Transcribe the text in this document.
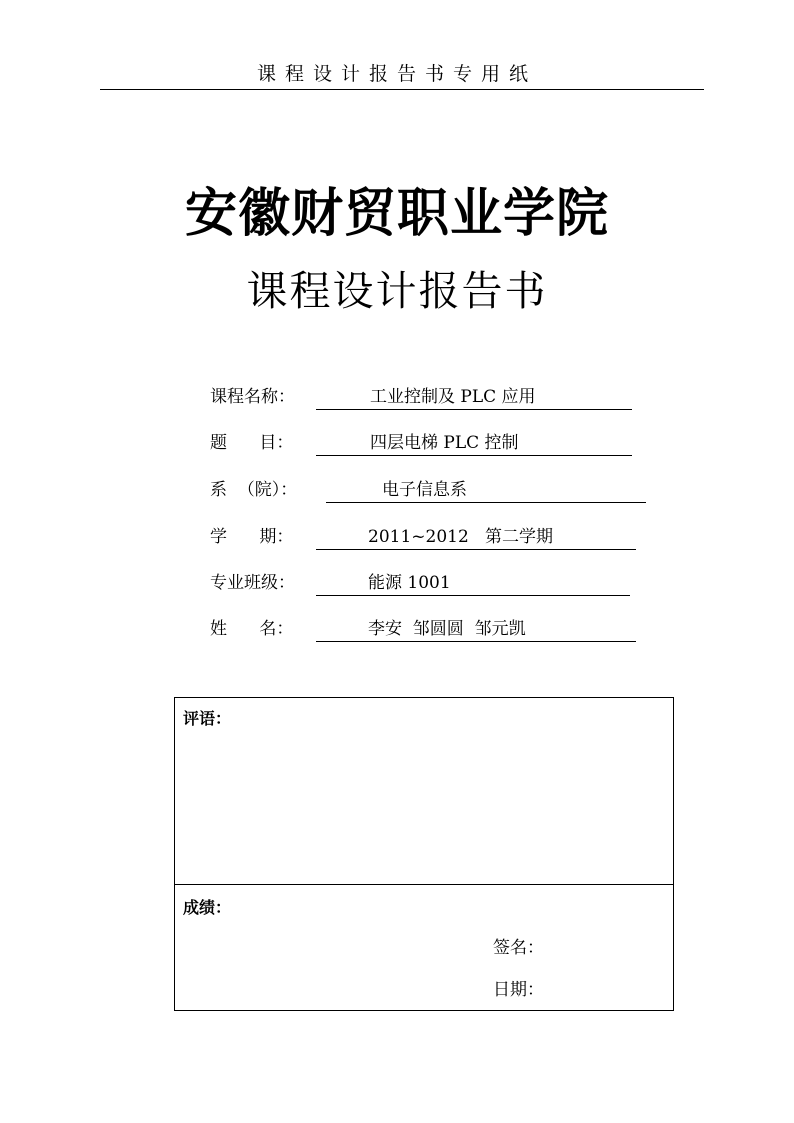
课程设计报告书专用纸
安徽财贸职业学院
课程设计报告书
课程名称：	工业控制及 PLC 应用
题      目：	四层电梯 PLC 控制
系  （院）：	电子信息系
学      期：	2011~2012   第二学期
专业班级：	能源 1001
姓      名：	李安  邹圆圆  邹元凯
评语：
成绩：
签名：
日期：
